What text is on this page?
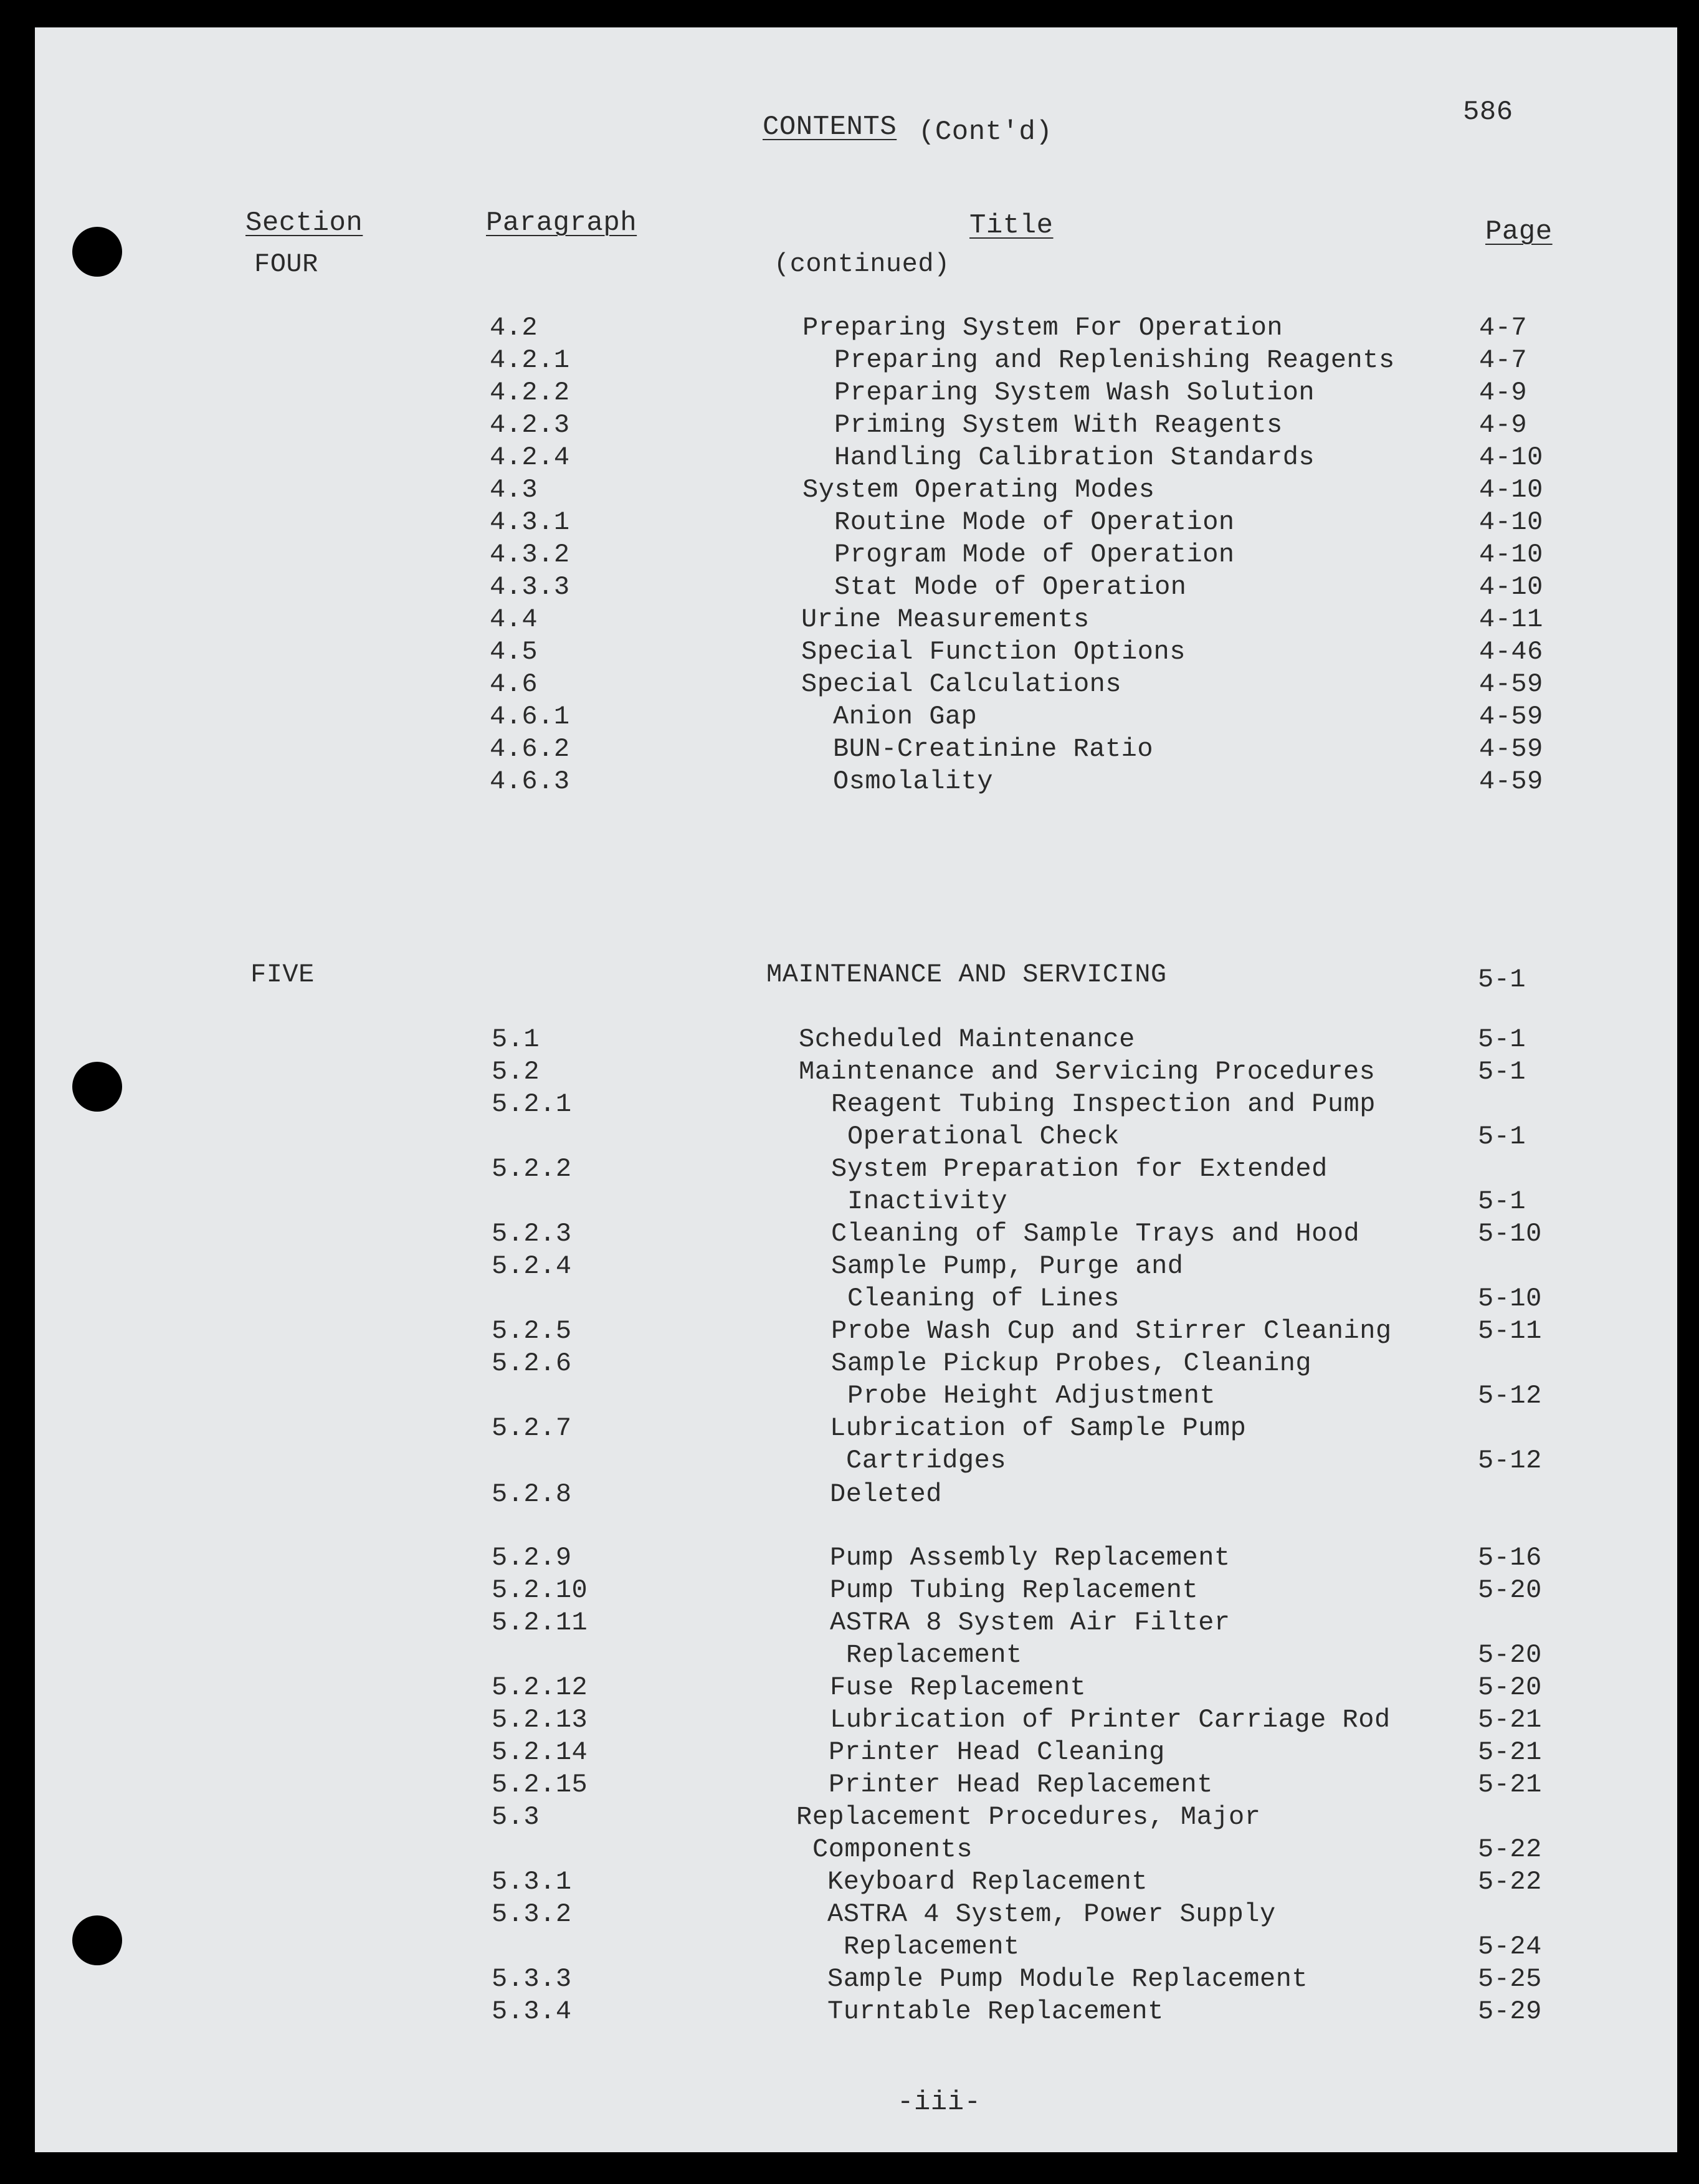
CONTENTS (Cont'd)
586
Section	Paragraph	Title	Page
FOUR	(continued)
4.2	Preparing System For Operation	4-7
4.2.1	Preparing and Replenishing Reagents	4-7
4.2.2	Preparing System Wash Solution	4-9
4.2.3	Priming System With Reagents	4-9
4.2.4	Handling Calibration Standards	4-10
4.3	System Operating Modes	4-10
4.3.1	Routine Mode of Operation	4-10
4.3.2	Program Mode of Operation	4-10
4.3.3	Stat Mode of Operation	4-10
4.4	Urine Measurements	4-11
4.5	Special Function Options	4-46
4.6	Special Calculations	4-59
4.6.1	Anion Gap	4-59
4.6.2	BUN-Creatinine Ratio	4-59
4.6.3	Osmolality	4-59
FIVE	MAINTENANCE AND SERVICING	5-1
5.1	Scheduled Maintenance	5-1
5.2	Maintenance and Servicing Procedures	5-1
5.2.1	Reagent Tubing Inspection and Pump
Operational Check	5-1
5.2.2	System Preparation for Extended
Inactivity	5-1
5.2.3	Cleaning of Sample Trays and Hood	5-10
5.2.4	Sample Pump, Purge and
Cleaning of Lines	5-10
5.2.5	Probe Wash Cup and Stirrer Cleaning	5-11
5.2.6	Sample Pickup Probes, Cleaning
Probe Height Adjustment	5-12
5.2.7	Lubrication of Sample Pump
Cartridges	5-12
5.2.8	Deleted
5.2.9	Pump Assembly Replacement	5-16
5.2.10	Pump Tubing Replacement	5-20
5.2.11	ASTRA 8 System Air Filter
Replacement	5-20
5.2.12	Fuse Replacement	5-20
5.2.13	Lubrication of Printer Carriage Rod	5-21
5.2.14	Printer Head Cleaning	5-21
5.2.15	Printer Head Replacement	5-21
5.3	Replacement Procedures, Major
Components	5-22
5.3.1	Keyboard Replacement	5-22
5.3.2	ASTRA 4 System, Power Supply
Replacement	5-24
5.3.3	Sample Pump Module Replacement	5-25
5.3.4	Turntable Replacement	5-29
-iii-
